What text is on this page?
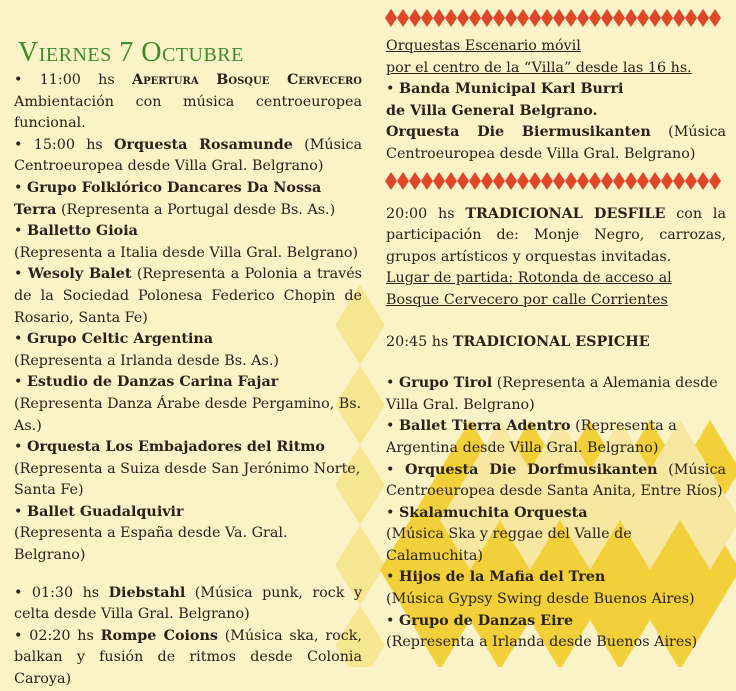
Viernes 7 Octubre

• 11:00 hs Apertura Bosque Cervecero Ambientación con música centroeuropea funcional.

• 15:00 hs Orquesta Rosamunde (Música Centroeuropea desde Villa Gral. Belgrano)

• Grupo Folklórico Dancares Da Nossa Terra (Representa a Portugal desde Bs. As.)

• Balletto Gioia
(Representa a Italia desde Villa Gral. Belgrano)

• Wesoly Balet (Representa a Polonia a través de la Sociedad Polonesa Federico Chopin de Rosario, Santa Fe)

• Grupo Celtic Argentina
(Representa a Irlanda desde Bs. As.)

• Estudio de Danzas Carina Fajar (Representa Danza Árabe desde Pergamino, Bs. As.)

• Orquesta Los Embajadores del Ritmo (Representa a Suiza desde San Jerónimo Norte, Santa Fe)

• Ballet Guadalquivir
(Representa a España desde Va. Gral. Belgrano)

• 01:30 hs Diebstahl (Música punk, rock y celta desde Villa Gral. Belgrano)

• 02:20 hs Rompe Coions (Música ska, rock, balkan y fusión de ritmos desde Colonia Caroya)

Orquestas Escenario móvil
por el centro de la “Villa” desde las 16 hs.

• Banda Municipal Karl Burri
de Villa General Belgrano.

Orquesta Die Biermusikanten (Música Centroeuropea desde Villa Gral. Belgrano)

20:00 hs TRADICIONAL DESFILE con la participación de: Monje Negro, carrozas, grupos artísticos y orquestas invitadas.

Lugar de partida: Rotonda de acceso al Bosque Cervecero por calle Corrientes

20:45 hs TRADICIONAL ESPICHE

• Grupo Tirol (Representa a Alemania desde Villa Gral. Belgrano)

• Ballet Tierra Adentro (Representa a Argentina desde Villa Gral. Belgrano)

• Orquesta Die Dorfmusikanten (Música Centroeuropea desde Santa Anita, Entre Ríos)

• Skalamuchita Orquesta
(Música Ska y reggae del Valle de Calamuchita)

• Hijos de la Mafia del Tren
(Música Gypsy Swing desde Buenos Aires)

• Grupo de Danzas Eire
(Representa a Irlanda desde Buenos Aires)
